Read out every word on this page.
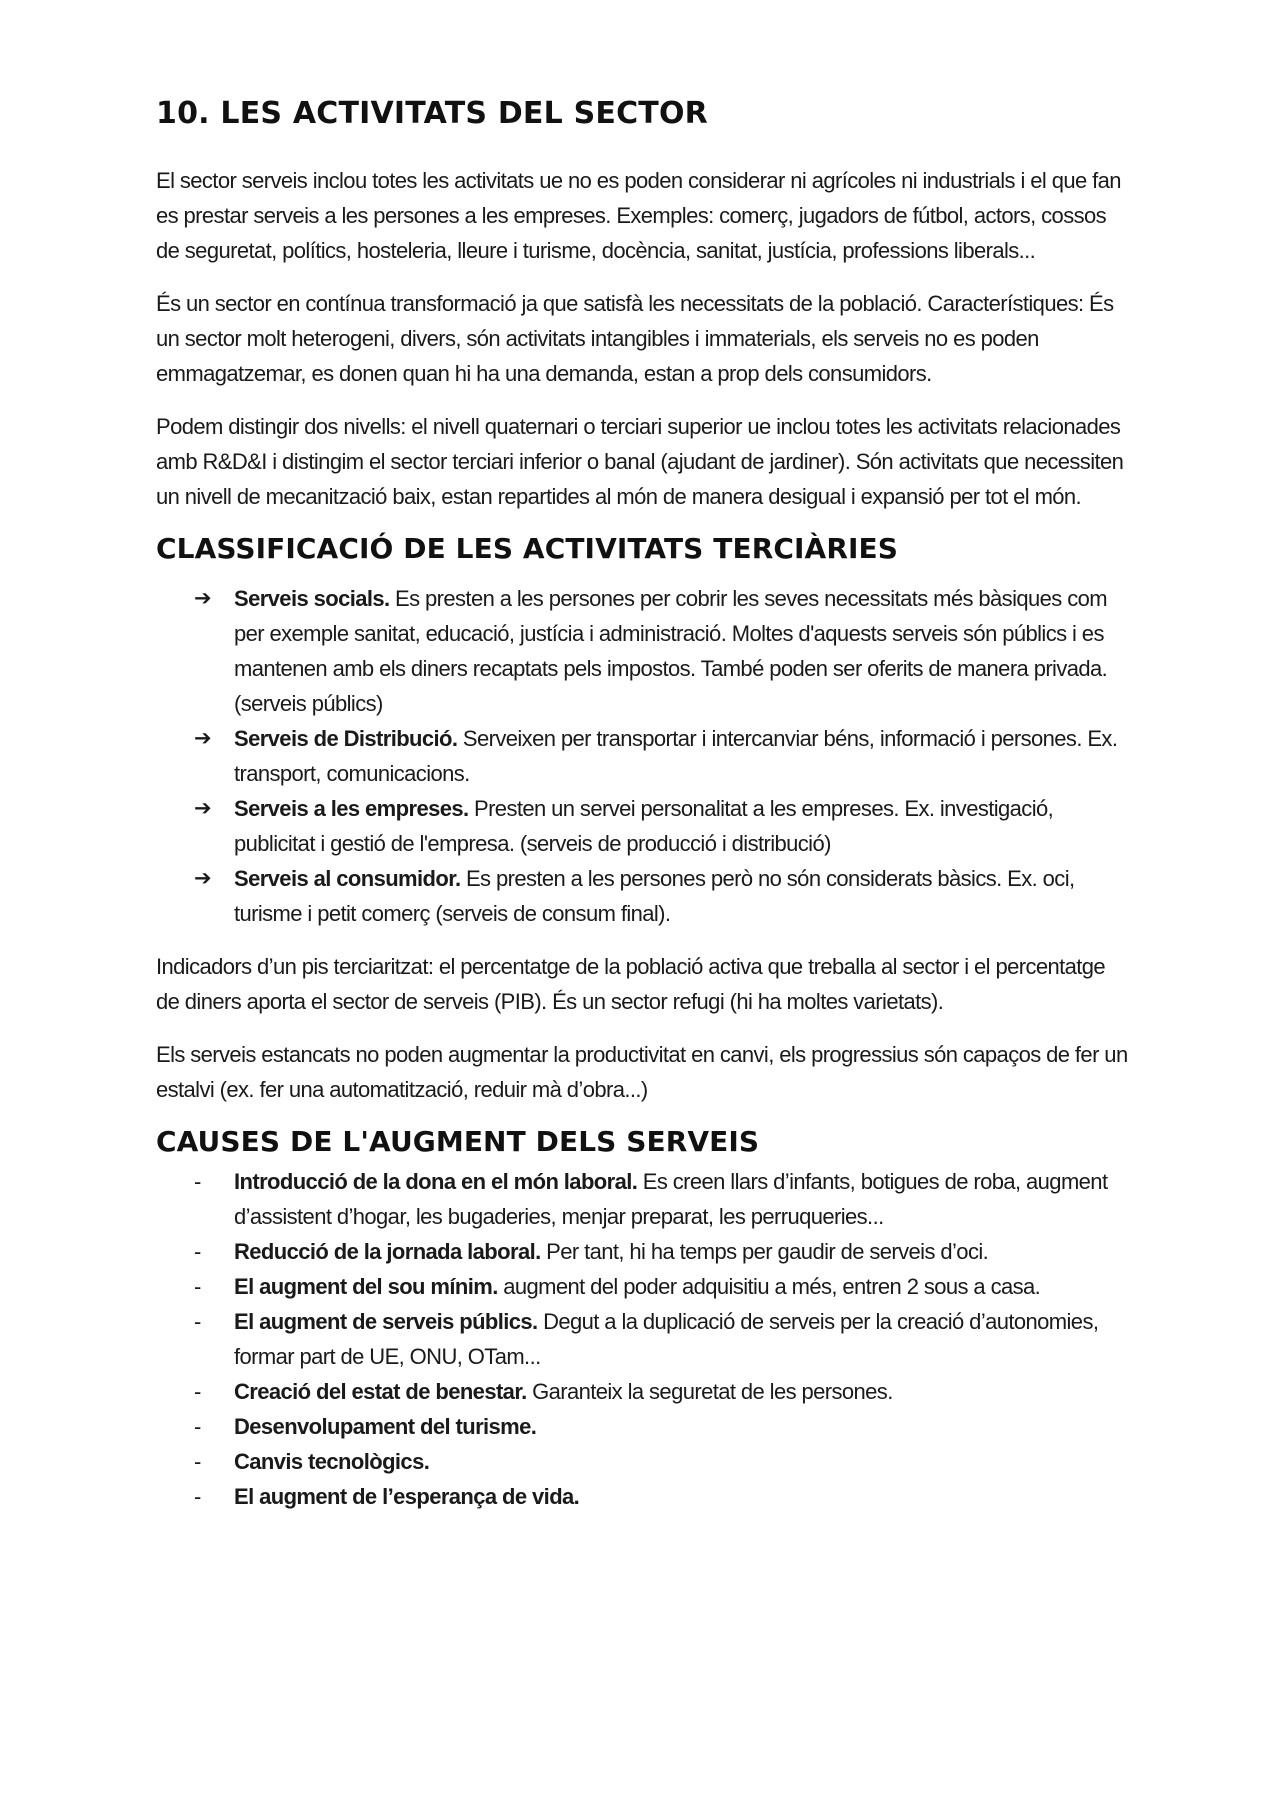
10. LES ACTIVITATS DEL SECTOR

El sector serveis inclou totes les activitats ue no es poden considerar ni agrícoles ni industrials i el que fan es prestar serveis a les persones a les empreses. Exemples: comerç, jugadors de fútbol, actors, cossos de seguretat, polítics, hosteleria, lleure i turisme, docència, sanitat, justícia, professions liberals...

És un sector en contínua transformació ja que satisfà les necessitats de la població. Característiques: És un sector molt heterogeni, divers, són activitats intangibles i immaterials, els serveis no es poden emmagatzemar, es donen quan hi ha una demanda, estan a prop dels consumidors.

Podem distingir dos nivells: el nivell quaternari o terciari superior ue inclou totes les activitats relacionades amb R&D&I i distingim el sector terciari inferior o banal (ajudant de jardiner). Són activitats que necessiten un nivell de mecanització baix, estan repartides al món de manera desigual i expansió per tot el món.

CLASSIFICACIÓ DE LES ACTIVITATS TERCIÀRIES
➔ Serveis socials. Es presten a les persones per cobrir les seves necessitats més bàsiques com per exemple sanitat, educació, justícia i administració. Moltes d'aquests serveis són públics i es mantenen amb els diners recaptats pels impostos. També poden ser oferits de manera privada. (serveis públics)
➔ Serveis de Distribució. Serveixen per transportar i intercanviar béns, informació i persones. Ex. transport, comunicacions.
➔ Serveis a les empreses. Presten un servei personalitat a les empreses. Ex. investigació, publicitat i gestió de l'empresa. (serveis de producció i distribució)
➔ Serveis al consumidor. Es presten a les persones però no són considerats bàsics. Ex. oci, turisme i petit comerç (serveis de consum final).

Indicadors d’un pis terciaritzat: el percentatge de la població activa que treballa al sector i el percentatge de diners aporta el sector de serveis (PIB). És un sector refugi (hi ha moltes varietats).

Els serveis estancats no poden augmentar la productivitat en canvi, els progressius són capaços de fer un estalvi (ex. fer una automatització, reduir mà d’obra...)

CAUSES DE L'AUGMENT DELS SERVEIS
- Introducció de la dona en el món laboral. Es creen llars d’infants, botigues de roba, augment d’assistent d’hogar, les bugaderies, menjar preparat, les perruqueries...
- Reducció de la jornada laboral. Per tant, hi ha temps per gaudir de serveis d’oci.
- El augment del sou mínim. augment del poder adquisitiu a més, entren 2 sous a casa.
- El augment de serveis públics. Degut a la duplicació de serveis per la creació d’autonomies, formar part de UE, ONU, OTam...
- Creació del estat de benestar. Garanteix la seguretat de les persones.
- Desenvolupament del turisme.
- Canvis tecnològics.
- El augment de l’esperança de vida.
